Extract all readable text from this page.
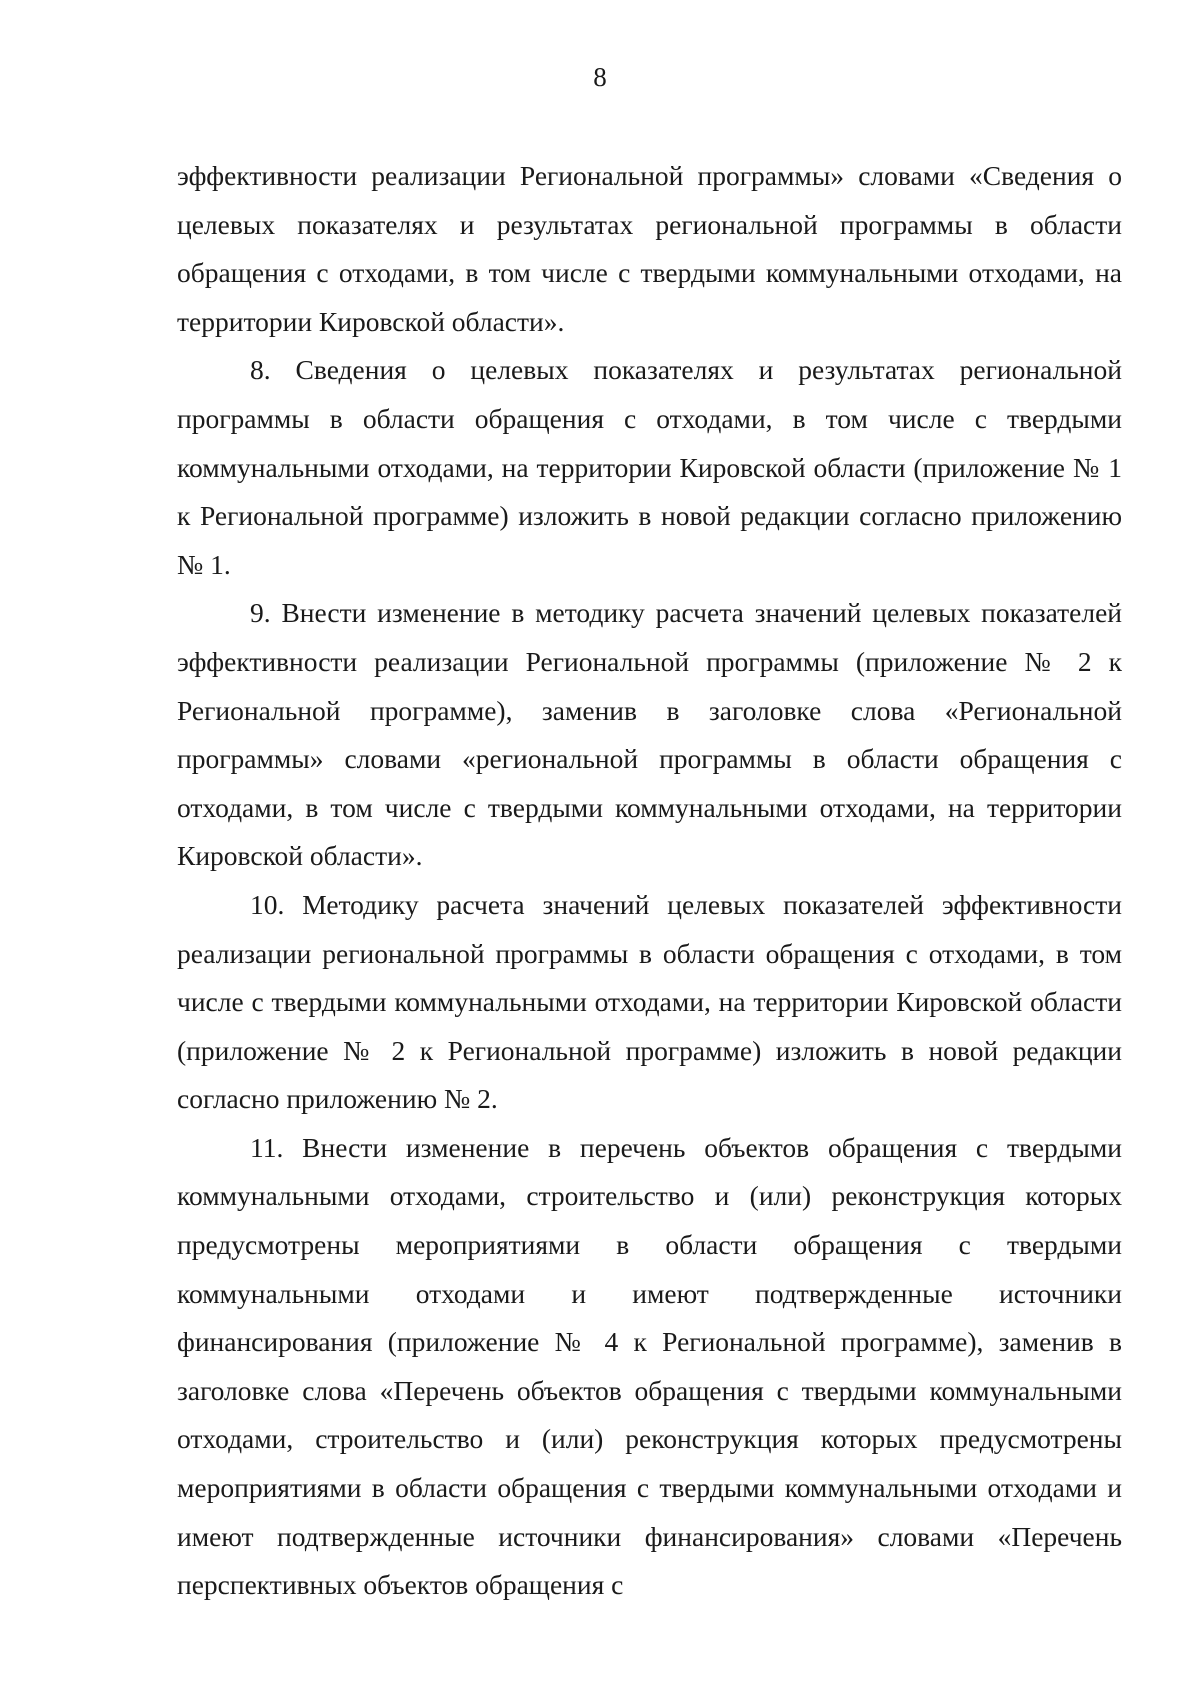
8

эффективности реализации Региональной программы» словами «Сведения о целевых показателях и результатах региональной программы в области обращения с отходами, в том числе с твердыми коммунальными отходами, на территории Кировской области».

8. Сведения о целевых показателях и результатах региональной программы в области обращения с отходами, в том числе с твердыми коммунальными отходами, на территории Кировской области (приложение № 1 к Региональной программе) изложить в новой редакции согласно приложению № 1.

9. Внести изменение в методику расчета значений целевых показателей эффективности реализации Региональной программы (приложение № 2 к Региональной программе), заменив в заголовке слова «Региональной программы» словами «региональной программы в области обращения с отходами, в том числе с твердыми коммунальными отходами, на территории Кировской области».

10. Методику расчета значений целевых показателей эффективности реализации региональной программы в области обращения с отходами, в том числе с твердыми коммунальными отходами, на территории Кировской области (приложение № 2 к Региональной программе) изложить в новой редакции согласно приложению № 2.

11. Внести изменение в перечень объектов обращения с твердыми коммунальными отходами, строительство и (или) реконструкция которых предусмотрены мероприятиями в области обращения с твердыми коммунальными отходами и имеют подтвержденные источники финансирования (приложение № 4 к Региональной программе), заменив в заголовке слова «Перечень объектов обращения с твердыми коммунальными отходами, строительство и (или) реконструкция которых предусмотрены мероприятиями в области обращения с твердыми коммунальными отходами и имеют подтвержденные источники финансирования» словами «Перечень перспективных объектов обращения с
